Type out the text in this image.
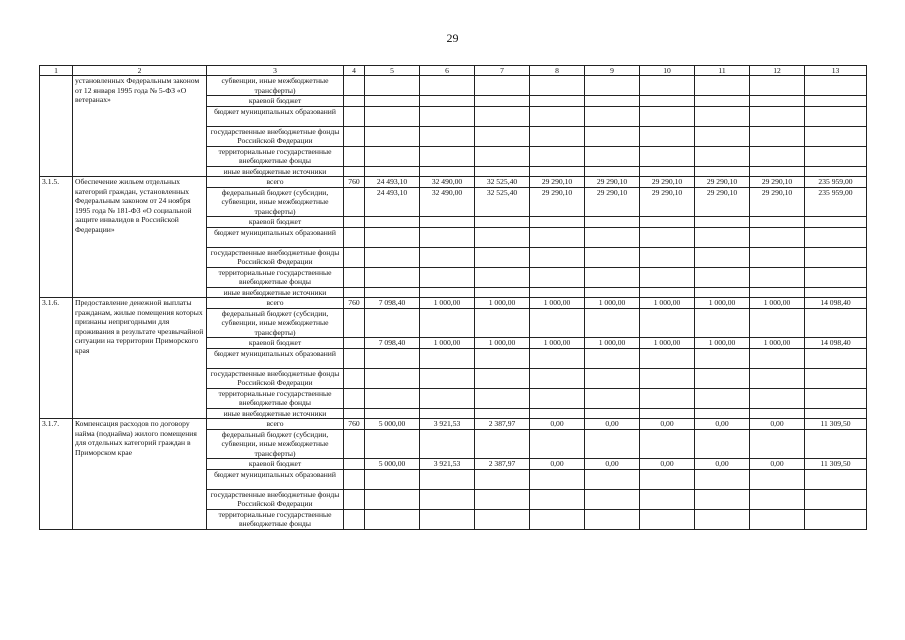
29
1	2	3	4	5	6	7	8	9	10	11	12	13
	установленных Федеральным законом от 12 января 1995 года № 5-ФЗ «О ветеранах»	субвенции, иные межбюджетные трансферты)										
		краевой бюджет										
		бюджет муниципальных образований										
		государственные внебюджетные фонды Российской Федерации										
		территориальные государственные внебюджетные фонды										
		иные внебюджетные источники										
3.1.5.	Обеспечение жильем отдельных категорий граждан, установленных Федеральным законом от 24 ноября 1995 года № 181-ФЗ «О социальной защите инвалидов в Российской Федерации»	всего	760	24 493,10	32 490,00	32 525,40	29 290,10	29 290,10	29 290,10	29 290,10	29 290,10	235 959,00
		федеральный бюджет (субсидии, субвенции, иные межбюджетные трансферты)		24 493,10	32 490,00	32 525,40	29 290,10	29 290,10	29 290,10	29 290,10	29 290,10	235 959,00
		краевой бюджет										
		бюджет муниципальных образований										
		государственные внебюджетные фонды Российской Федерации										
		территориальные государственные внебюджетные фонды										
		иные внебюджетные источники										
3.1.6.	Предоставление денежной выплаты гражданам, жилые помещения которых признаны непригодными для проживания в результате чрезвычайной ситуации на территории Приморского края	всего	760	7 098,40	1 000,00	1 000,00	1 000,00	1 000,00	1 000,00	1 000,00	1 000,00	14 098,40
		федеральный бюджет (субсидии, субвенции, иные межбюджетные трансферты)										
		краевой бюджет		7 098,40	1 000,00	1 000,00	1 000,00	1 000,00	1 000,00	1 000,00	1 000,00	14 098,40
		бюджет муниципальных образований										
		государственные внебюджетные фонды Российской Федерации										
		территориальные государственные внебюджетные фонды										
		иные внебюджетные источники										
3.1.7.	Компенсация расходов по договору найма (поднайма) жилого помещения для отдельных категорий граждан в Приморском крае	всего	760	5 000,00	3 921,53	2 387,97	0,00	0,00	0,00	0,00	0,00	11 309,50
		федеральный бюджет (субсидии, субвенции, иные межбюджетные трансферты)										
		краевой бюджет		5 000,00	3 921,53	2 387,97	0,00	0,00	0,00	0,00	0,00	11 309,50
		бюджет муниципальных образований										
		государственные внебюджетные фонды Российской Федерации										
		территориальные государственные внебюджетные фонды										
